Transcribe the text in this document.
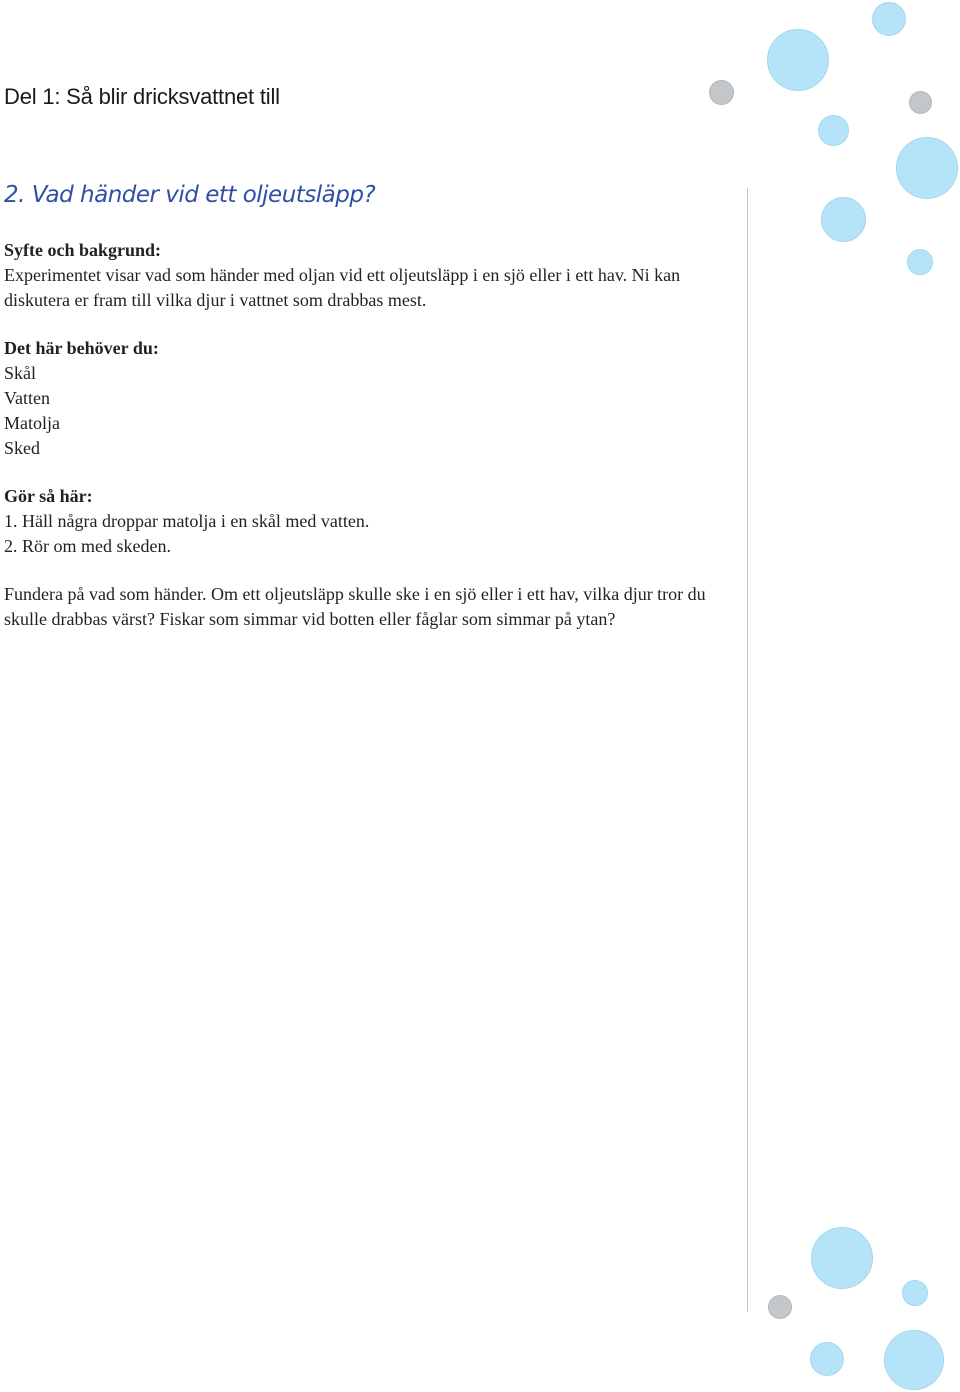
Del 1: Så blir dricksvattnet till
2. Vad händer vid ett oljeutsläpp?

Syfte och bakgrund:

Experimentet visar vad som händer med oljan vid ett oljeutsläpp i en sjö eller i ett hav. Ni kan diskutera er fram till vilka djur i vattnet som drabbas mest.

Det här behöver du:

Skål
Vatten
Matolja
Sked

Gör så här:

1. Häll några droppar matolja i en skål med vatten.
2. Rör om med skeden.

Fundera på vad som händer. Om ett oljeutsläpp skulle ske i en sjö eller i ett hav, vilka djur tror du skulle drabbas värst? Fiskar som simmar vid botten eller fåglar som simmar på ytan?
